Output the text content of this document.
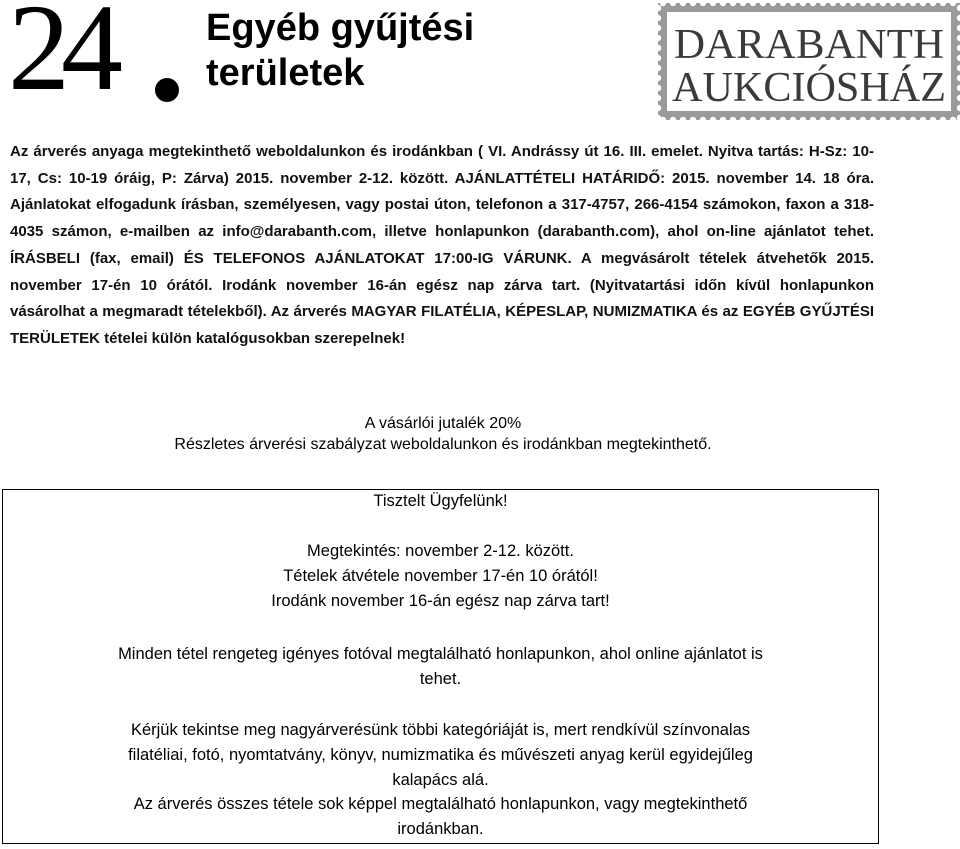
24 Egyéb gyűjtési
területek
DARABANTH
AUKCIÓSHÁZ

Az árverés anyaga megtekinthető weboldalunkon és irodánkban ( VI. Andrássy út 16. III. emelet. Nyitva tartás: H-Sz: 10-17, Cs: 10-19 óráig, P: Zárva) 2015. november 2-12. között. AJÁNLATTÉTELI HATÁRIDŐ: 2015. november 14. 18 óra. Ajánlatokat elfogadunk írásban, személyesen, vagy postai úton, telefonon a 317-4757, 266-4154 számokon, faxon a 318-4035 számon, e-mailben az info@darabanth.com, illetve honlapunkon (darabanth.com), ahol on-line ajánlatot tehet. ÍRÁSBELI (fax, email) ÉS TELEFONOS AJÁNLATOKAT 17:00-IG VÁRUNK. A megvásárolt tételek átvehetők 2015. november 17-én 10 órától. Irodánk november 16-án egész nap zárva tart. (Nyitvatartási időn kívül honlapunkon vásárolhat a megmaradt tételekből). Az árverés MAGYAR FILATÉLIA, KÉPESLAP, NUMIZMATIKA és az EGYÉB GYŰJTÉSI TERÜLETEK tételei külön katalógusokban szerepelnek!

A vásárlói jutalék 20%
Részletes árverési szabályzat weboldalunkon és irodánkban megtekinthető.
Tisztelt Ügyfelünk!
Megtekintés: november 2-12. között.
Tételek átvétele november 17-én 10 órától!
Irodánk november 16-án egész nap zárva tart!
Minden tétel rengeteg igényes fotóval megtalálható honlapunkon, ahol online ajánlatot is
tehet.
Kérjük tekintse meg nagyárverésünk többi kategóriáját is, mert rendkívül színvonalas
filatéliai, fotó, nyomtatvány, könyv, numizmatika és művészeti anyag kerül egyidejűleg
kalapács alá.
Az árverés összes tétele sok képpel megtalálható honlapunkon, vagy megtekinthető
irodánkban.
